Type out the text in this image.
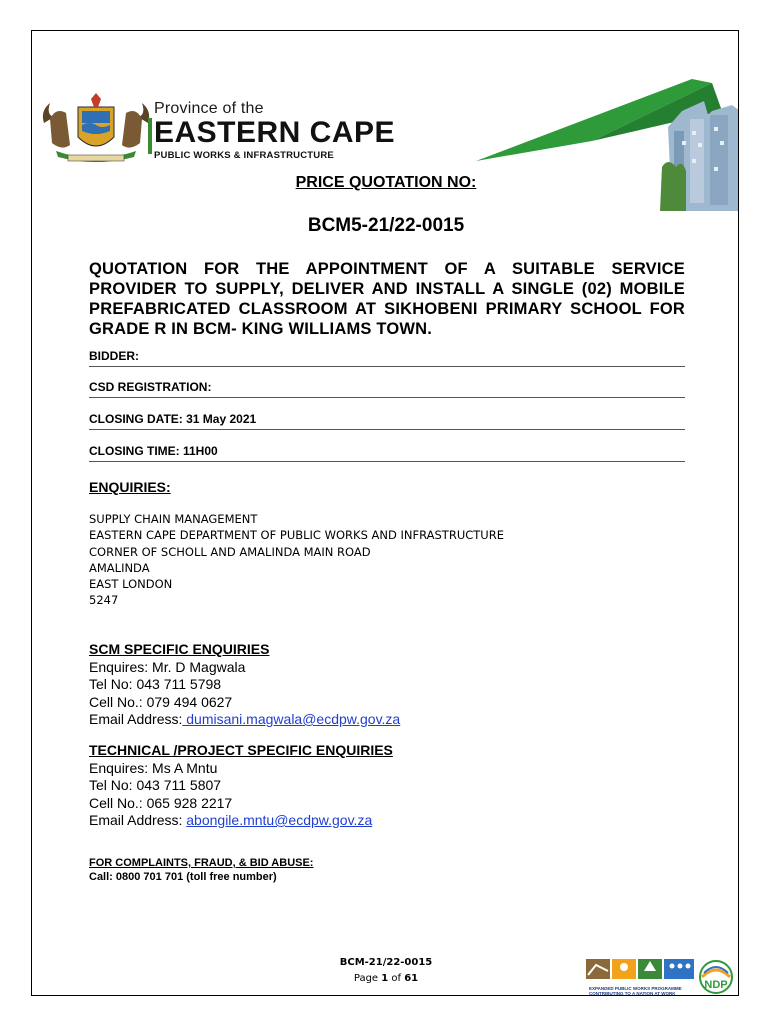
Province of the
EASTERN CAPE
PUBLIC WORKS & INFRASTRUCTURE
PRICE QUOTATION NO:
BCM5-21/22-0015
QUOTATION FOR THE APPOINTMENT OF A SUITABLE SERVICE PROVIDER TO SUPPLY, DELIVER AND INSTALL A SINGLE (02) MOBILE PREFABRICATED CLASSROOM AT SIKHOBENI PRIMARY SCHOOL FOR GRADE R IN BCM- KING WILLIAMS TOWN.
BIDDER:
CSD REGISTRATION:
CLOSING DATE: 31 May 2021
CLOSING TIME: 11H00
ENQUIRIES:
SUPPLY CHAIN MANAGEMENT
EASTERN CAPE DEPARTMENT OF PUBLIC WORKS AND INFRASTRUCTURE
CORNER OF SCHOLL AND AMALINDA MAIN ROAD
AMALINDA
EAST LONDON
5247
SCM SPECIFIC ENQUIRIES
Enquires: Mr. D Magwala
Tel No: 043 711 5798
Cell No.: 079 494 0627
Email Address: dumisani.magwala@ecdpw.gov.za
TECHNICAL /PROJECT SPECIFIC ENQUIRIES
Enquires: Ms A Mntu
Tel No: 043 711 5807
Cell No.: 065 928 2217
Email Address: abongile.mntu@ecdpw.gov.za
FOR COMPLAINTS, FRAUD, & BID ABUSE:
Call: 0800 701 701 (toll free number)
BCM-21/22-0015
Page 1 of 61
EXPANDED PUBLIC WORKS PROGRAMME
CONTRIBUTING TO A NATION AT WORK
NDP
